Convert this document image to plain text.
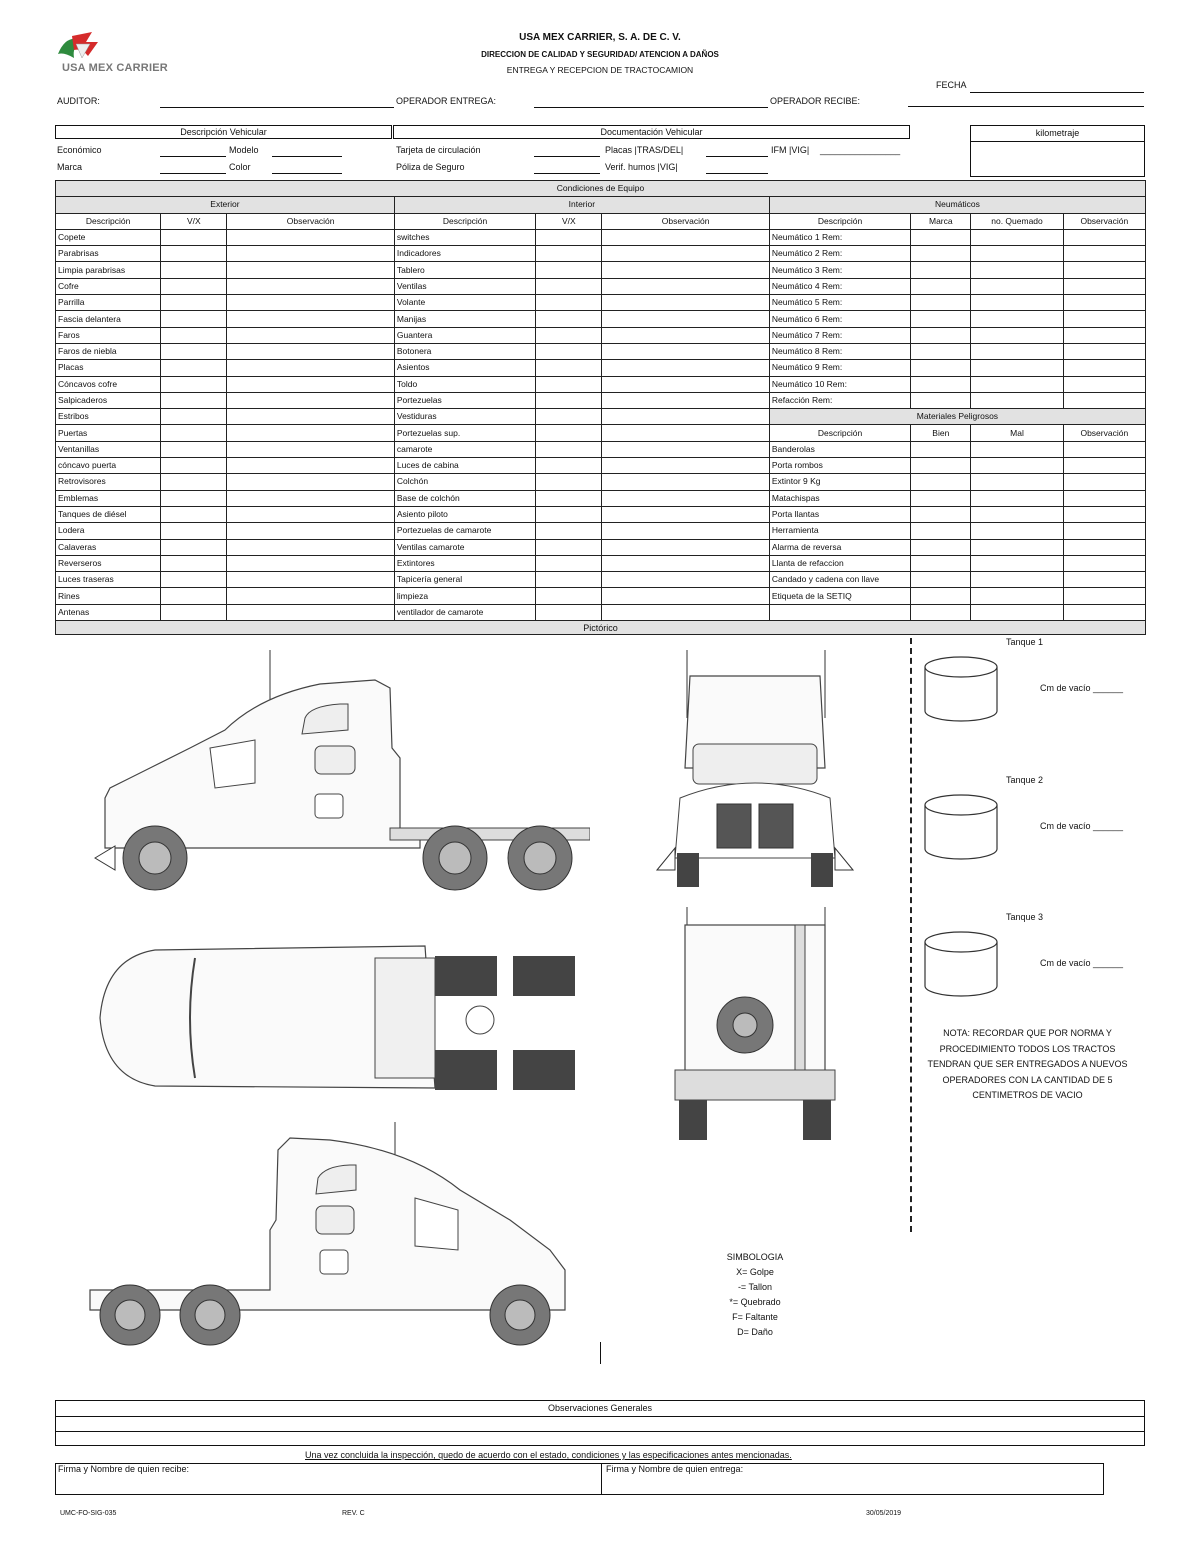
USA MEX CARRIER
USA MEX CARRIER, S. A. DE C. V.
DIRECCION DE CALIDAD Y SEGURIDAD/ ATENCION A DAÑOS
ENTREGA Y RECEPCION DE TRACTOCAMION
FECHA
AUDITOR:	OPERADOR ENTREGA:	OPERADOR RECIBE:
Descripción Vehicular	Documentación Vehicular	kilometraje
Económico	Modelo
Marca	Color
Tarjeta de circulación	Placas |TRAS/DEL|	IFM |VIG| ________________
Póliza de Seguro	Verif. humos |VIG|
Condiciones de Equipo									
Exterior			Interior			Neumáticos			
Descripción	V/X	Observación	Descripción	V/X	Observación	Descripción	Marca	no. Quemado	Observación
Copete			switches			Neumático 1 Rem:			
Parabrisas			Indicadores			Neumático 2 Rem:			
Limpia parabrisas			Tablero			Neumático 3 Rem:			
Cofre			Ventilas			Neumático 4 Rem:			
Parrilla			Volante			Neumático 5 Rem:			
Fascia delantera			Manijas			Neumático 6 Rem:			
Faros			Guantera			Neumático 7 Rem:			
Faros de niebla			Botonera			Neumático 8 Rem:			
Placas			Asientos			Neumático 9 Rem:			
Cóncavos cofre			Toldo			Neumático 10 Rem:			
Salpicaderos			Portezuelas			Refacción Rem:			
Estribos			Vestiduras			Materiales Peligrosos			
Puertas			Portezuelas sup.			Descripción	Bien	Mal	Observación
Ventanillas			camarote			Banderolas			
cóncavo puerta			Luces de cabina			Porta rombos			
Retrovisores			Colchón			Extintor 9 Kg			
Emblemas			Base de colchón			Matachispas			
Tanques de diésel			Asiento piloto			Porta llantas			
Lodera			Portezuelas de camarote			Herramienta			
Calaveras			Ventilas camarote			Alarma de reversa			
Reverseros			Extintores			Llanta de refaccion			
Luces traseras			Tapicería general			Candado y cadena con llave			
Rines			limpieza			Etiqueta de la SETIQ			
Antenas			ventilador de camarote						
Pictórico
Tanque 1
Cm de vacío ______
Tanque 2
Cm de vacío ______
Tanque 3
Cm de vacío ______
NOTA: RECORDAR QUE POR NORMA Y
PROCEDIMIENTO TODOS LOS TRACTOS
TENDRAN QUE SER ENTREGADOS A NUEVOS
OPERADORES CON LA CANTIDAD DE 5
CENTIMETROS DE VACIO
SIMBOLOGIA
X= Golpe
-= Tallon
*= Quebrado
F= Faltante
D= Daño
Observaciones Generales
Una vez concluida la inspección, quedo de acuerdo con el estado, condiciones y las especificaciones antes mencionadas.
Firma y Nombre de quien recibe:	Firma y Nombre de quien entrega:
UMC-FO-SIG-035	REV. C	30/05/2019
